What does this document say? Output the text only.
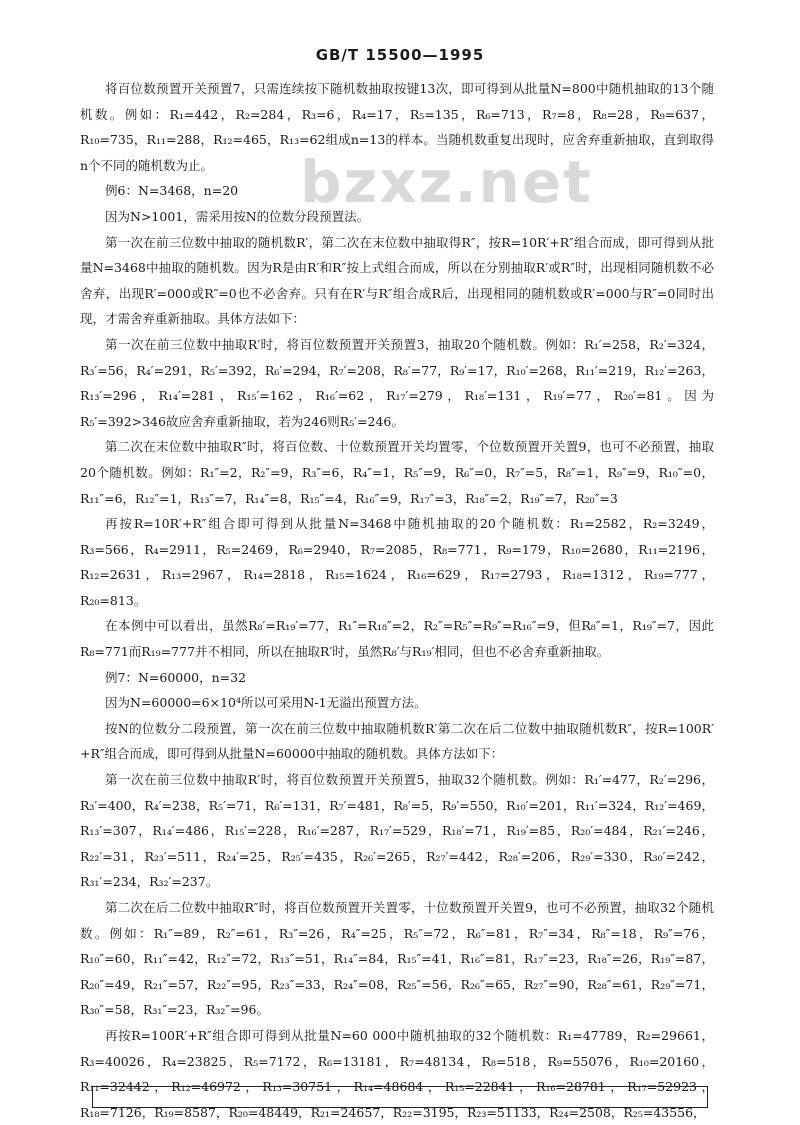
GB/T 15500—1995
bzxz.net

将百位数预置开关预置7，只需连续按下随机数抽取按键13次，即可得到从批量N=800中随机抽取的13个随机数。例如：R₁=442，R₂=284，R₃=6，R₄=17，R₅=135，R₆=713，R₇=8，R₈=28，R₉=637，R₁₀=735，R₁₁=288，R₁₂=465，R₁₃=62组成n=13的样本。当随机数重复出现时，应舍弃重新抽取，直到取得n个不同的随机数为止。

例6：N=3468，n=20

因为N>1001，需采用按N的位数分段预置法。

第一次在前三位数中抽取的随机数R′，第二次在末位数中抽取得R″，按R=10R′+R″组合而成，即可得到从批量N=3468中抽取的随机数。因为R是由R′和R″按上式组合而成，所以在分别抽取R′或R″时，出现相同随机数不必舍弃，出现R′=000或R″=0也不必舍弃。只有在R′与R″组合成R后，出现相同的随机数或R′=000与R″=0同时出现，才需舍弃重新抽取。具体方法如下：

第一次在前三位数中抽取R′时，将百位数预置开关预置3，抽取20个随机数。例如：R₁′=258，R₂′=324，R₃′=56，R₄′=291，R₅′=392，R₆′=294，R₇′=208，R₈′=77，R₉′=17，R₁₀′=268，R₁₁′=219，R₁₂′=263，R₁₃′=296，R₁₄′=281，R₁₅′=162，R₁₆′=62，R₁₇′=279，R₁₈′=131，R₁₉′=77，R₂₀′=81。因为R₅′=392>346故应舍弃重新抽取，若为246则R₅′=246。

第二次在末位数中抽取R″时，将百位数、十位数预置开关均置零，个位数预置开关置9，也可不必预置，抽取20个随机数。例如：R₁″=2，R₂″=9，R₃″=6，R₄″=1，R₅″=9，R₆″=0，R₇″=5，R₈″=1，R₉″=9，R₁₀″=0，R₁₁″=6，R₁₂″=1，R₁₃″=7，R₁₄″=8，R₁₅″=4，R₁₆″=9，R₁₇″=3，R₁₈″=2，R₁₉″=7，R₂₀″=3

再按R=10R′+R″组合即可得到从批量N=3468中随机抽取的20个随机数：R₁=2582，R₂=3249，R₃=566，R₄=2911，R₅=2469，R₆=2940，R₇=2085，R₈=771，R₉=179，R₁₀=2680，R₁₁=2196，R₁₂=2631，R₁₃=2967，R₁₄=2818，R₁₅=1624，R₁₆=629，R₁₇=2793，R₁₈=1312，R₁₉=777，R₂₀=813。

在本例中可以看出，虽然R₈′=R₁₉′=77，R₁″=R₁₈″=2，R₂″=R₅″=R₉″=R₁₆″=9，但R₈″=1，R₁₉″=7，因此R₈=771而R₁₉=777并不相同，所以在抽取R′时，虽然R₈′与R₁₉′相同，但也不必舍弃重新抽取。

例7：N=60000，n=32

因为N=60000=6×10⁴所以可采用N-1无溢出预置方法。

按N的位数分二段预置，第一次在前三位数中抽取随机数R′第二次在后二位数中抽取随机数R″，按R=100R′+R″组合而成，即可得到从批量N=60000中抽取的随机数。具体方法如下：

第一次在前三位数中抽取R′时，将百位数预置开关预置5，抽取32个随机数。例如：R₁′=477，R₂′=296，R₃′=400，R₄′=238，R₅′=71，R₆′=131，R₇′=481，R₈′=5，R₉′=550，R₁₀′=201，R₁₁′=324，R₁₂′=469，R₁₃′=307，R₁₄′=486，R₁₅′=228，R₁₆′=287，R₁₇′=529，R₁₈′=71，R₁₉′=85，R₂₀′=484，R₂₁′=246，R₂₂′=31，R₂₃′=511，R₂₄′=25，R₂₅′=435，R₂₆′=265，R₂₇′=442，R₂₈′=206，R₂₉′=330，R₃₀′=242，R₃₁′=234，R₃₂′=237。

第二次在后二位数中抽取R″时，将百位数预置开关置零，十位数预置开关置9，也可不必预置，抽取32个随机数。例如：R₁″=89，R₂″=61，R₃″=26，R₄″=25，R₅″=72，R₆″=81，R₇″=34，R₈″=18，R₉″=76，R₁₀″=60，R₁₁″=42，R₁₂″=72，R₁₃″=51，R₁₄″=84，R₁₅″=41，R₁₆″=81，R₁₇″=23，R₁₈″=26，R₁₉″=87，R₂₀″=49，R₂₁″=57，R₂₂″=95，R₂₃″=33，R₂₄″=08，R₂₅″=56，R₂₆″=65，R₂₇″=90，R₂₈″=61，R₂₉″=71，R₃₀″=58，R₃₁″=23，R₃₂″=96。

再按R=100R′+R″组合即可得到从批量N=60 000中随机抽取的32个随机数：R₁=47789，R₂=29661，R₃=40026，R₄=23825，R₅=7172，R₆=13181，R₇=48134，R₈=518，R₉=55076，R₁₀=20160，R₁₁=32442，R₁₂=46972，R₁₃=30751，R₁₄=48684，R₁₅=22841，R₁₆=28781，R₁₇=52923，R₁₈=7126，R₁₉=8587，R₂₀=48449，R₂₁=24657，R₂₂=3195，R₂₃=51133，R₂₄=2508，R₂₅=43556，
